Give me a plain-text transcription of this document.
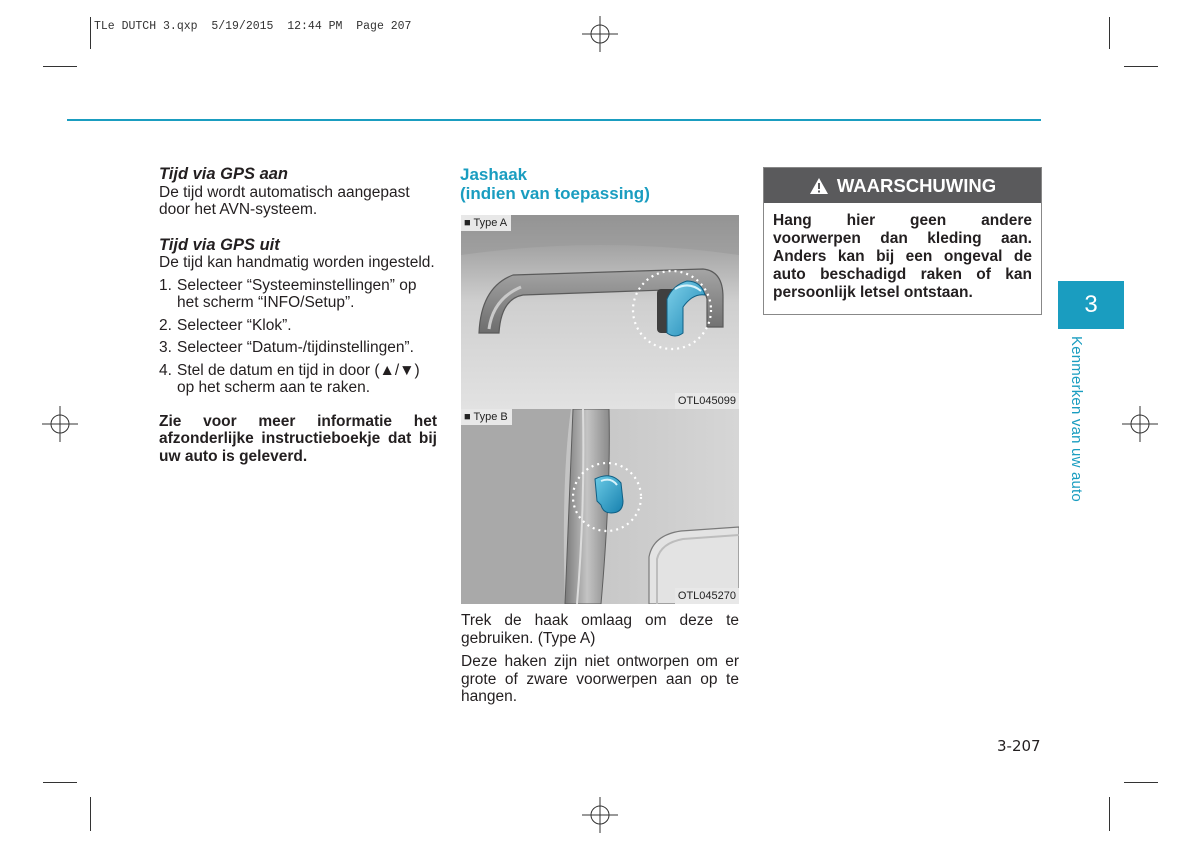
TLe DUTCH 3.qxp  5/19/2015  12:44 PM  Page 207

Tijd via GPS aan

De tijd wordt automatisch aangepast door het AVN-systeem.

Tijd via GPS uit

De tijd kan handmatig worden ingesteld.

1. Selecteer “Systeeminstellingen” op het scherm “INFO/Setup”.
2. Selecteer “Klok”.
3. Selecteer “Datum-/tijdinstellingen”.
4. Stel de datum en tijd in door (▲/▼) op het scherm aan te raken.

Zie voor meer informatie het afzonderlijke instructieboekje dat bij uw auto is geleverd.

Jashaak
(indien van toepassing)
■ Type A
OTL045099
■ Type B
OTL045270

Trek de haak omlaag om deze te gebruiken. (Type A)

Deze haken zijn niet ontworpen om er grote of zware voorwerpen aan op te hangen.

WAARSCHUWING
Hang hier geen andere voorwerpen dan kleding aan. Anders kan bij een ongeval de auto beschadigd raken of kan persoonlijk letsel ontstaan.	3
Kenmerken van uw auto
3-207
